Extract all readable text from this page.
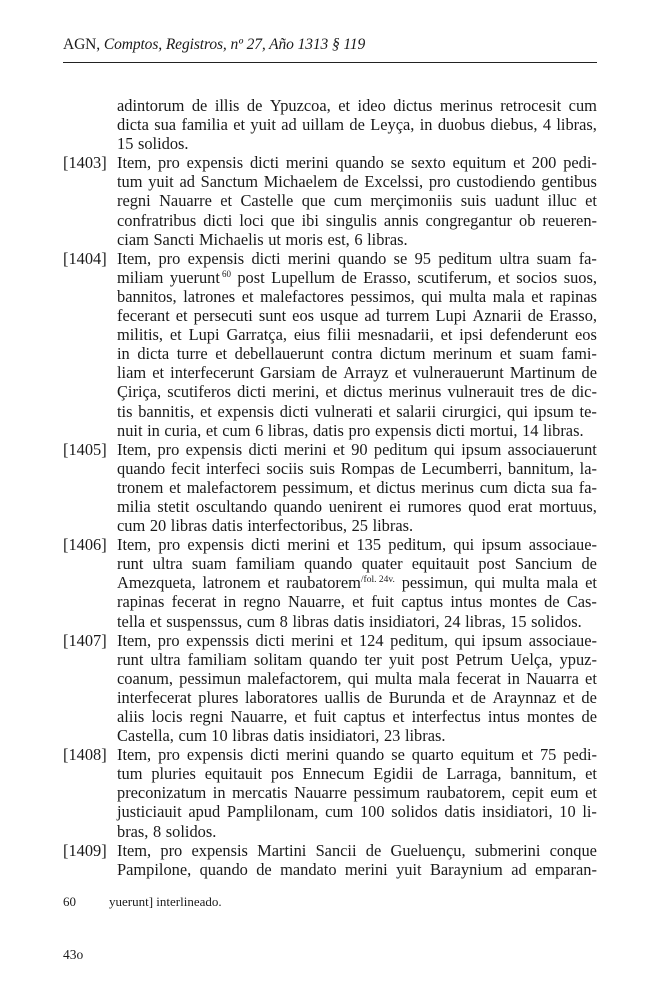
AGN, Comptos, Registros, nº 27, Año 1313 § 119
adintorum de illis de Ypuzcoa, et ideo dictus merinus retrocesit cum
dicta sua familia et yuit ad uillam de Leyça, in duobus diebus, 4 libras,
15 solidos.
[1403] Item, pro expensis dicti merini quando se sexto equitum et 200 pedi-
tum yuit ad Sanctum Michaelem de Excelssi, pro custodiendo gentibus
regni Nauarre et Castelle que cum merçimoniis suis uadunt illuc et
confratribus dicti loci que ibi singulis annis congregantur ob reueren-
ciam Sancti Michaelis ut moris est, 6 libras.
[1404] Item, pro expensis dicti merini quando se 95 peditum ultra suam fa-
miliam yuerunt $^{60}$ post Lupellum de Erasso, scutiferum, et socios suos,
bannitos, latrones et malefactores pessimos, qui multa mala et rapinas
fecerant et persecuti sunt eos usque ad turrem Lupi Aznarii de Erasso,
militis, et Lupi Garratça, eius filii mesnadarii, et ipsi defenderunt eos
in dicta turre et debellauerunt contra dictum merinum et suam fami-
liam et interfecerunt Garsiam de Arrayz et vulnerauerunt Martinum de
Çiriça, scutiferos dicti merini, et dictus merinus vulnerauit tres de dic-
tis bannitis, et expensis dicti vulnerati et salarii cirurgici, qui ipsum te-
nuit in curia, et cum 6 libras, datis pro expensis dicti mortui, 14 libras.
[1405] Item, pro expensis dicti merini et 90 peditum qui ipsum associauerunt
quando fecit interfeci sociis suis Rompas de Lecumberri, bannitum, la-
tronem et malefactorem pessimum, et dictus merinus cum dicta sua fa-
milia stetit oscultando quando uenirent ei rumores quod erat mortuus,
cum 20 libras datis interfectoribus, 25 libras.
[1406] Item, pro expensis dicti merini et 135 peditum, qui ipsum associaue-
runt ultra suam familiam quando quater equitauit post Sancium de
Amezqueta, latronem et raubatorem$^{/fol. 24v.}$ pessimun, qui multa mala et
rapinas fecerat in regno Nauarre, et fuit captus intus montes de Cas-
tella et suspenssus, cum 8 libras datis insidiatori, 24 libras, 15 solidos.
[1407] Item, pro expenssis dicti merini et 124 peditum, qui ipsum associaue-
runt ultra familiam solitam quando ter yuit post Petrum Uelça, ypuz-
coanum, pessimun malefactorem, qui multa mala fecerat in Nauarra et
interfecerat plures laboratores uallis de Burunda et de Araynnaz et de
aliis locis regni Nauarre, et fuit captus et interfectus intus montes de
Castella, cum 10 libras datis insidiatori, 23 libras.
[1408] Item, pro expensis dicti merini quando se quarto equitum et 75 pedi-
tum pluries equitauit pos Ennecum Egidii de Larraga, bannitum, et
preconizatum in mercatis Nauarre pessimum raubatorem, cepit eum et
justiciauit apud Pamplilonam, cum 100 solidos datis insidiatori, 10 li-
bras, 8 solidos.
[1409] Item, pro expensis Martini Sancii de Gueluençu, submerini conque
Pampilone, quando de mandato merini yuit Baraynium ad emparan-
60	yuerunt] interlineado.
43o
